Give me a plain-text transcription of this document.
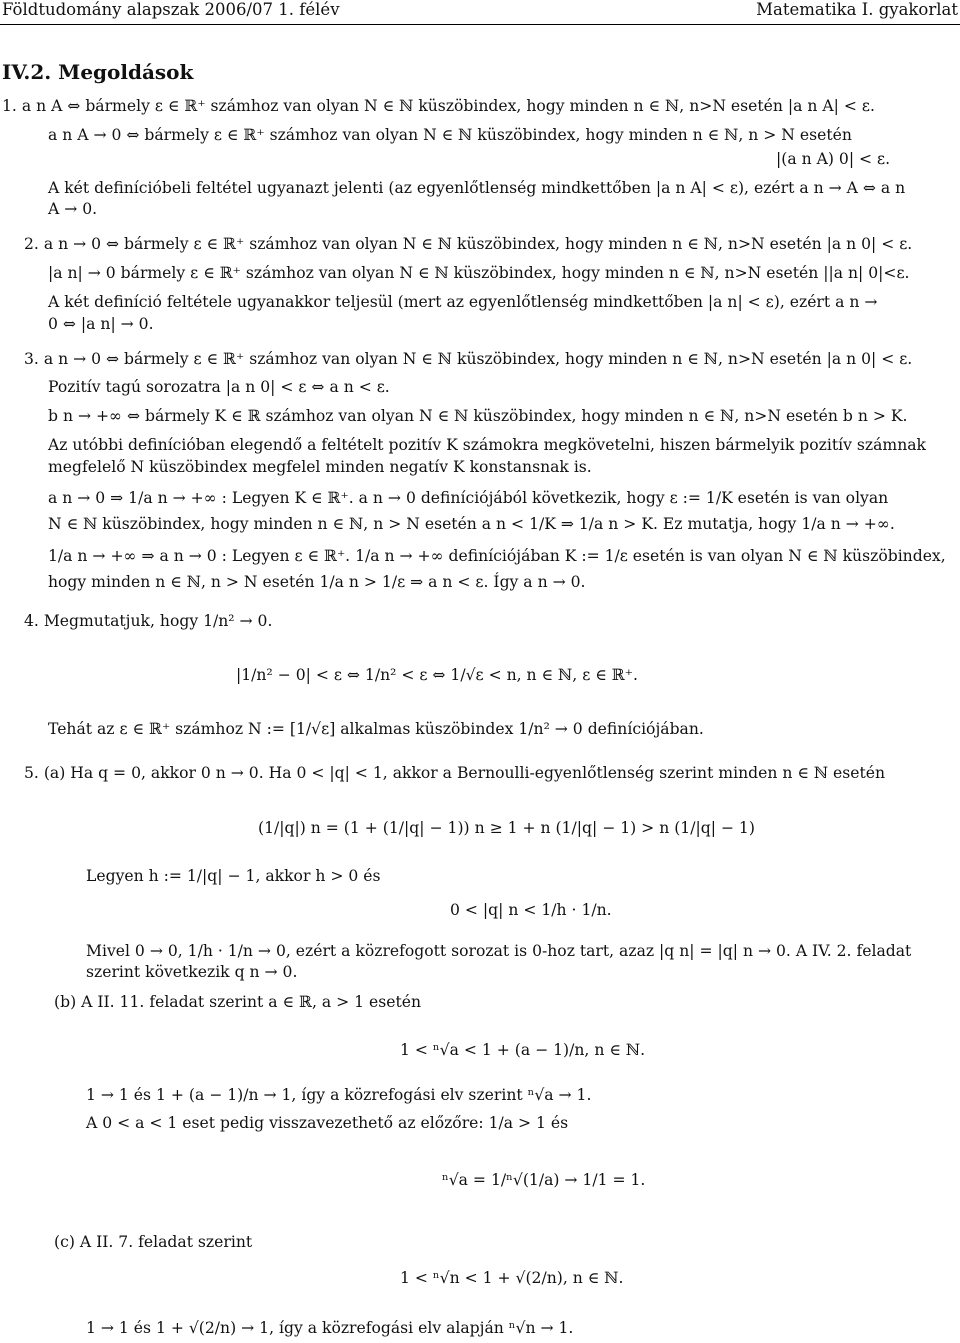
Földtudomány alapszak 2006/07 1. félév	Matematika I. gyakorlat
IV.2. Megoldások
1. a n A ⇔ bármely ε ∈ ℝ⁺ számhoz van olyan N ∈ ℕ küszöbindex, hogy minden n ∈ ℕ, n>N esetén |a n A| < ε.
a n A → 0 ⇔ bármely ε ∈ ℝ⁺ számhoz van olyan N ∈ ℕ küszöbindex, hogy minden n ∈ ℕ, n > N esetén
|(a n A) 0| < ε.
A két definícióbeli feltétel ugyanazt jelenti (az egyenlőtlenség mindkettőben |a n A| < ε), ezért a n → A ⇔ a n
A → 0.
2. a n → 0 ⇔ bármely ε ∈ ℝ⁺ számhoz van olyan N ∈ ℕ küszöbindex, hogy minden n ∈ ℕ, n>N esetén |a n 0| < ε.
|a n| → 0 bármely ε ∈ ℝ⁺ számhoz van olyan N ∈ ℕ küszöbindex, hogy minden n ∈ ℕ, n>N esetén ||a n| 0|<ε.
A két definíció feltétele ugyanakkor teljesül (mert az egyenlőtlenség mindkettőben |a n| < ε), ezért a n →
0 ⇔ |a n| → 0.
3. a n → 0 ⇔ bármely ε ∈ ℝ⁺ számhoz van olyan N ∈ ℕ küszöbindex, hogy minden n ∈ ℕ, n>N esetén |a n 0| < ε.
Pozitív tagú sorozatra |a n 0| < ε ⇔ a n < ε.
b n → +∞ ⇔ bármely K ∈ ℝ számhoz van olyan N ∈ ℕ küszöbindex, hogy minden n ∈ ℕ, n>N esetén b n > K.
Az utóbbi definícióban elegendő a feltételt pozitív K számokra megkövetelni, hiszen bármelyik pozitív számnak
megfelelő N küszöbindex megfelel minden negatív K konstansnak is.
a n → 0 ⇒ 1/a n → +∞ : Legyen K ∈ ℝ⁺. a n → 0 definíciójából következik, hogy ε := 1/K esetén is van olyan
N ∈ ℕ küszöbindex, hogy minden n ∈ ℕ, n > N esetén a n < 1/K ⇒ 1/a n > K. Ez mutatja, hogy 1/a n → +∞.
1/a n → +∞ ⇒ a n → 0 : Legyen ε ∈ ℝ⁺. 1/a n → +∞ definíciójában K := 1/ε esetén is van olyan N ∈ ℕ küszöbindex,
hogy minden n ∈ ℕ, n > N esetén 1/a n > 1/ε ⇒ a n < ε. Így a n → 0.
4. Megmutatjuk, hogy 1/n² → 0.
|1/n² − 0| < ε ⇔ 1/n² < ε ⇔ 1/√ε < n, n ∈ ℕ, ε ∈ ℝ⁺.
Tehát az ε ∈ ℝ⁺ számhoz N := [1/√ε] alkalmas küszöbindex 1/n² → 0 definíciójában.
5. (a) Ha q = 0, akkor 0 n → 0. Ha 0 < |q| < 1, akkor a Bernoulli-egyenlőtlenség szerint minden n ∈ ℕ esetén
(1/|q|) n = (1 + (1/|q| − 1)) n ≥ 1 + n (1/|q| − 1) > n (1/|q| − 1)
Legyen h := 1/|q| − 1, akkor h > 0 és
0 < |q| n < 1/h · 1/n.
Mivel 0 → 0, 1/h · 1/n → 0, ezért a közrefogott sorozat is 0-hoz tart, azaz |q n| = |q| n → 0. A IV. 2. feladat
szerint következik q n → 0.
(b) A II. 11. feladat szerint a ∈ ℝ, a > 1 esetén
1 < ⁿ√a < 1 + (a − 1)/n, n ∈ ℕ.
1 → 1 és 1 + (a − 1)/n → 1, így a közrefogási elv szerint ⁿ√a → 1.
A 0 < a < 1 eset pedig visszavezethető az előzőre: 1/a > 1 és
ⁿ√a = 1/ⁿ√(1/a) → 1/1 = 1.
(c) A II. 7. feladat szerint
1 < ⁿ√n < 1 + √(2/n), n ∈ ℕ.
1 → 1 és 1 + √(2/n) → 1, így a közrefogási elv alapján ⁿ√n → 1.
